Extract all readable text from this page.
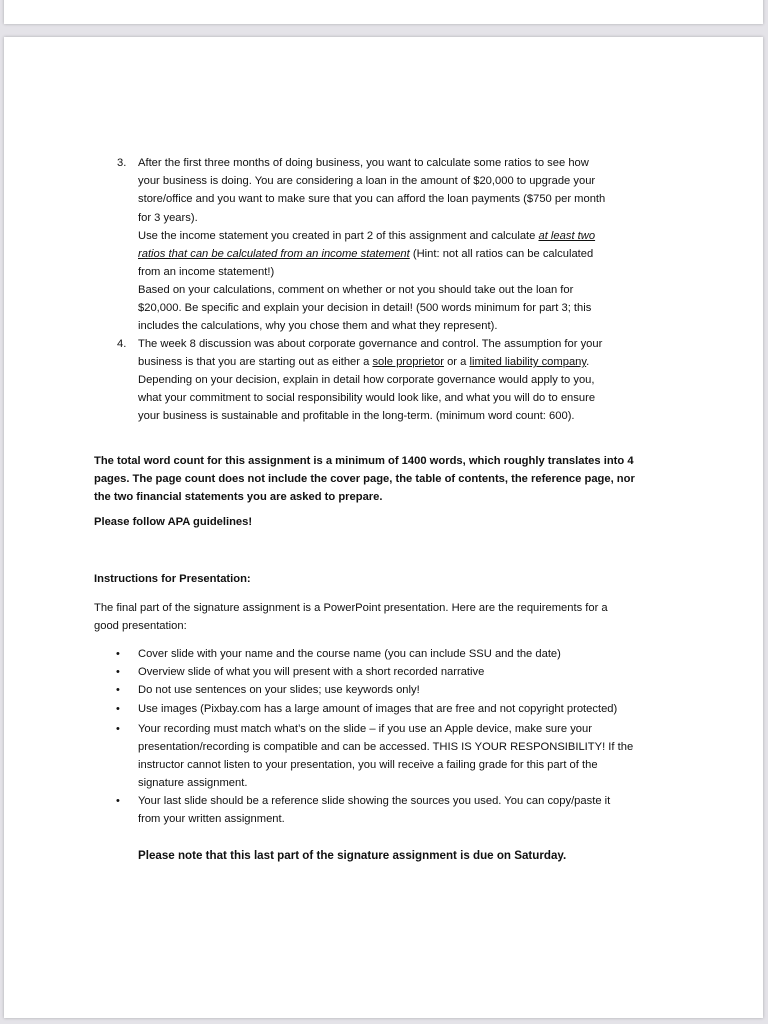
3. After the first three months of doing business, you want to calculate some ratios to see how
your business is doing. You are considering a loan in the amount of $20,000 to upgrade your
store/office and you want to make sure that you can afford the loan payments ($750 per month
for 3 years).
Use the income statement you created in part 2 of this assignment and calculate at least two
ratios that can be calculated from an income statement (Hint: not all ratios can be calculated
from an income statement!)
Based on your calculations, comment on whether or not you should take out the loan for
$20,000. Be specific and explain your decision in detail! (500 words minimum for part 3; this
includes the calculations, why you chose them and what they represent).
4. The week 8 discussion was about corporate governance and control. The assumption for your
business is that you are starting out as either a sole proprietor or a limited liability company.
Depending on your decision, explain in detail how corporate governance would apply to you,
what your commitment to social responsibility would look like, and what you will do to ensure
your business is sustainable and profitable in the long-term. (minimum word count: 600).
The total word count for this assignment is a minimum of 1400 words, which roughly translates into 4
pages. The page count does not include the cover page, the table of contents, the reference page, nor
the two financial statements you are asked to prepare.
Please follow APA guidelines!
Instructions for Presentation:
The final part of the signature assignment is a PowerPoint presentation. Here are the requirements for a
good presentation:
• Cover slide with your name and the course name (you can include SSU and the date)
• Overview slide of what you will present with a short recorded narrative
• Do not use sentences on your slides; use keywords only!
• Use images (Pixbay.com has a large amount of images that are free and not copyright protected)
• Your recording must match what’s on the slide – if you use an Apple device, make sure your
presentation/recording is compatible and can be accessed. THIS IS YOUR RESPONSIBILITY! If the
instructor cannot listen to your presentation, you will receive a failing grade for this part of the
signature assignment.
• Your last slide should be a reference slide showing the sources you used. You can copy/paste it
from your written assignment.
Please note that this last part of the signature assignment is due on Saturday.
